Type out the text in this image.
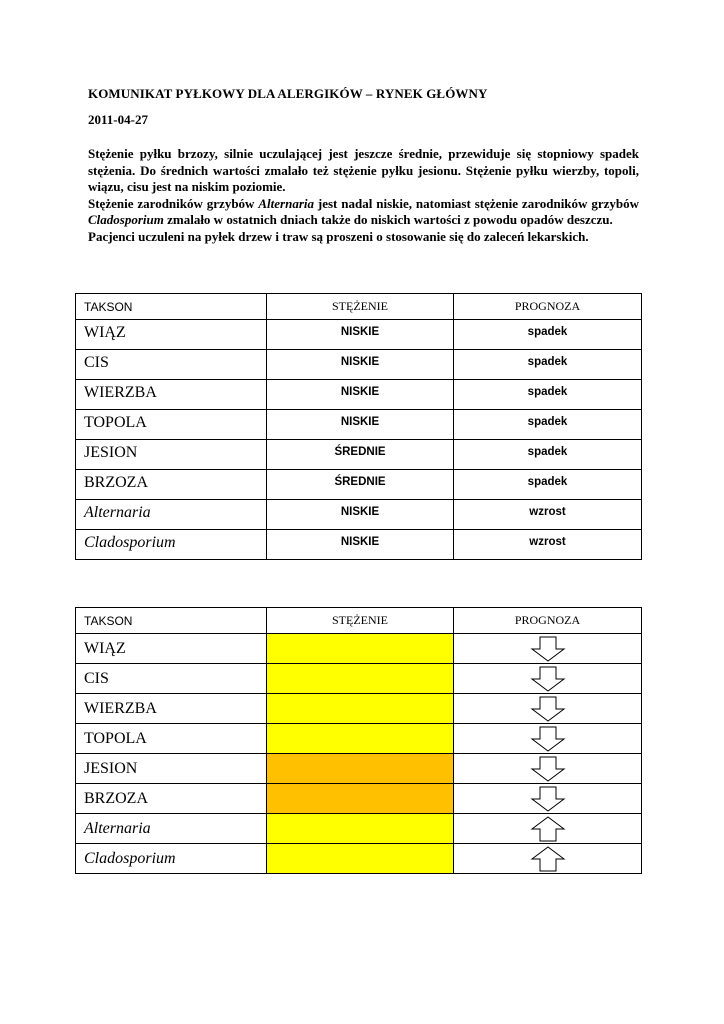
KOMUNIKAT PYŁKOWY DLA ALERGIKÓW – RYNEK GŁÓWNY
2011-04-27

Stężenie pyłku brzozy, silnie uczulającej jest jeszcze średnie, przewiduje się stopniowy spadek stężenia. Do średnich wartości zmalało też stężenie pyłku jesionu. Stężenie pyłku wierzby, topoli, wiązu, cisu jest na niskim poziomie.

Stężenie zarodników grzybów Alternaria jest nadal niskie, natomiast stężenie zarodników grzybów Cladosporium zmalało w ostatnich dniach także do niskich wartości z powodu opadów deszczu.

Pacjenci uczuleni na pyłek drzew i traw są proszeni o stosowanie się do zaleceń lekarskich.

TAKSON	STĘŻENIE	PROGNOZA
WIĄZ	NISKIE	spadek
CIS	NISKIE	spadek
WIERZBA	NISKIE	spadek
TOPOLA	NISKIE	spadek
JESION	ŚREDNIE	spadek
BRZOZA	ŚREDNIE	spadek
Alternaria	NISKIE	wzrost
Cladosporium	NISKIE	wzrost
TAKSON	STĘŻENIE	PROGNOZA
WIĄZ		

CIS		

WIERZBA		

TOPOLA		

JESION		

BRZOZA		

Alternaria		

Cladosporium		
